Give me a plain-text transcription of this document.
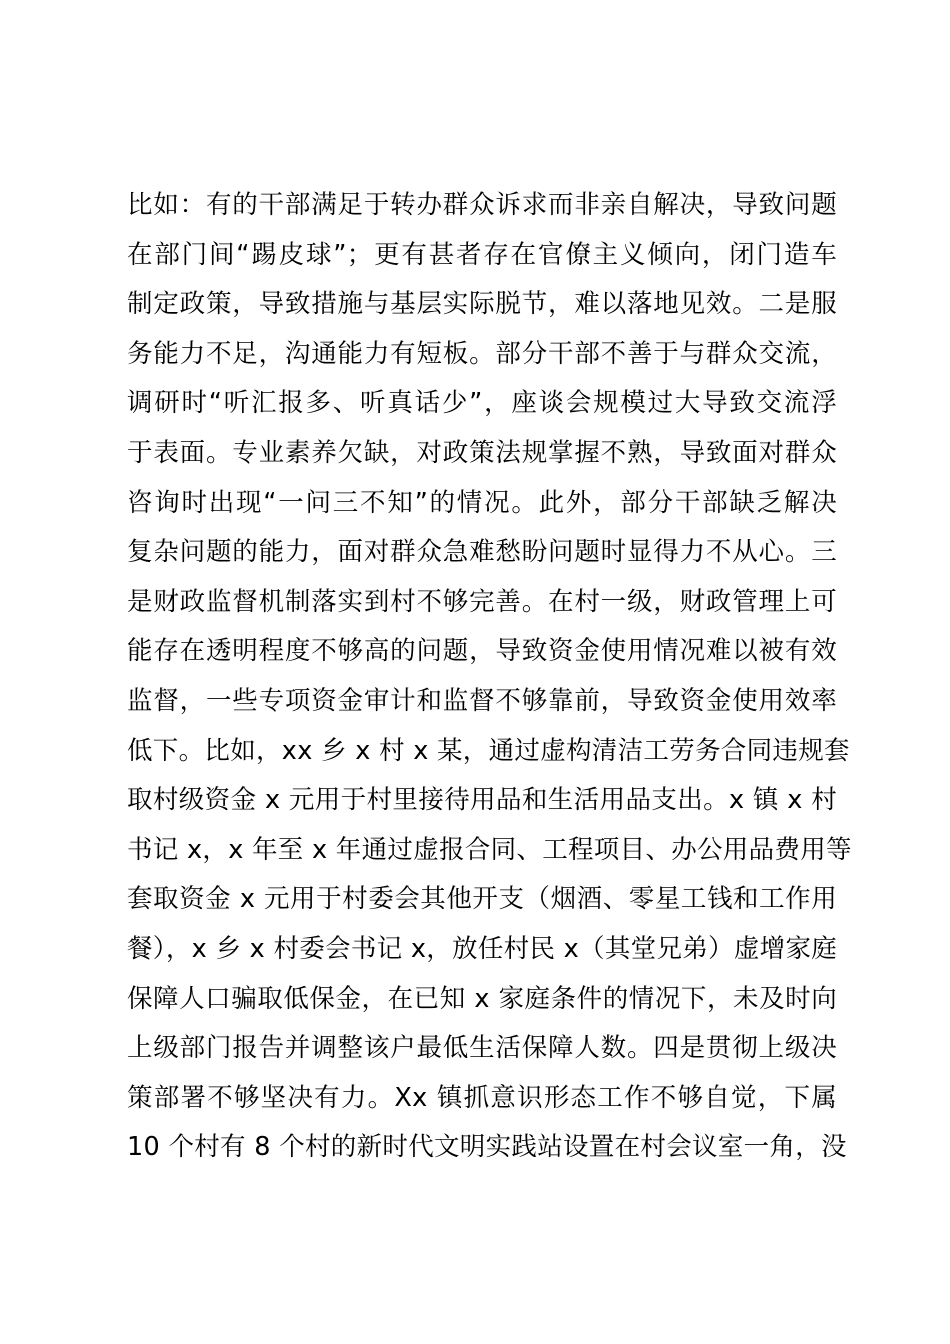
比如：有的干部满足于转办群众诉求而非亲自解决，导致问题
在部门间“踢皮球”；更有甚者存在官僚主义倾向，闭门造车
制定政策，导致措施与基层实际脱节，难以落地见效。二是服
务能力不足，沟通能力有短板。部分干部不善于与群众交流，
调研时“听汇报多、听真话少”，座谈会规模过大导致交流浮
于表面。专业素养欠缺，对政策法规掌握不熟，导致面对群众
咨询时出现“一问三不知”的情况。此外，部分干部缺乏解决
复杂问题的能力，面对群众急难愁盼问题时显得力不从心。三
是财政监督机制落实到村不够完善。在村一级，财政管理上可
能存在透明程度不够高的问题，导致资金使用情况难以被有效
监督，一些专项资金审计和监督不够靠前，导致资金使用效率
低下。比如，xx 乡 x 村 x 某，通过虚构清洁工劳务合同违规套
取村级资金 x 元用于村里接待用品和生活用品支出。x 镇 x 村
书记 x，x 年至 x 年通过虚报合同、工程项目、办公用品费用等
套取资金 x 元用于村委会其他开支（烟酒、零星工钱和工作用
餐），x 乡 x 村委会书记 x，放任村民 x（其堂兄弟）虚增家庭
保障人口骗取低保金，在已知 x 家庭条件的情况下，未及时向
上级部门报告并调整该户最低生活保障人数。四是贯彻上级决
策部署不够坚决有力。Xx 镇抓意识形态工作不够自觉，下属
10 个村有 8 个村的新时代文明实践站设置在村会议室一角，没
